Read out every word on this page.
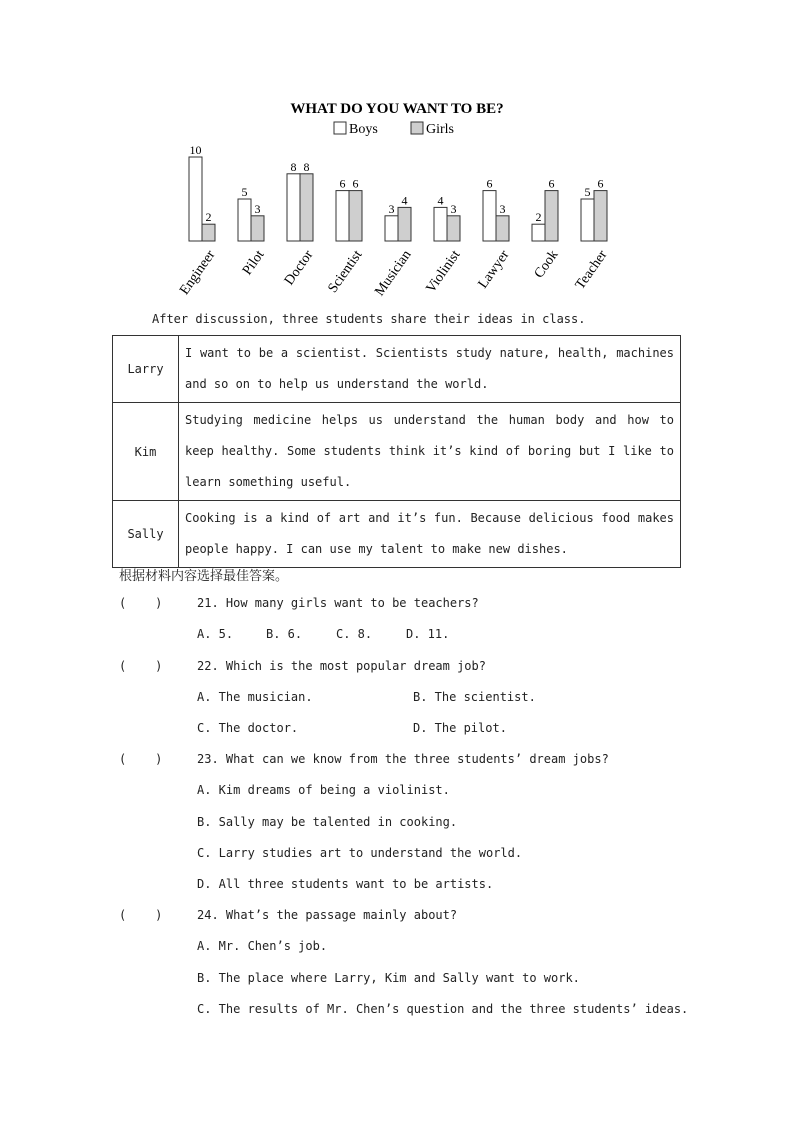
WHAT DO YOU WANT TO BE?
Boys	Girls
10
2
Engineer
5
3
Pilot
8 8
Doctor
6 6
Scientist
3
4
Musician
4
3
Violinist
6
3
Lawyer
2
6
Cook
5
6
Teacher
After discussion, three students share their ideas in class.
Larry	I want to be a scientist. Scientists study nature, health, machines and so on to help us understand the world.
Kim	Studying medicine helps us understand the human body and how to keep healthy. Some students think it’s kind of boring but I like to learn something useful.
Sally	Cooking is a kind of art and it’s fun. Because delicious food makes people happy. I can use my talent to make new dishes.
根据材料内容选择最佳答案。
(    )	21. How many girls want to be teachers?
A. 5.	B. 6.	C. 8.	D. 11.
(    )	22. Which is the most popular dream job?
A. The musician.	B. The scientist.
C. The doctor.	D. The pilot.
(    )	23. What can we know from the three students’ dream jobs?
A. Kim dreams of being a violinist.
B. Sally may be talented in cooking.
C. Larry studies art to understand the world.
D. All three students want to be artists.
(    )	24. What’s the passage mainly about?
A. Mr. Chen’s job.
B. The place where Larry, Kim and Sally want to work.
C. The results of Mr. Chen’s question and the three students’ ideas.
